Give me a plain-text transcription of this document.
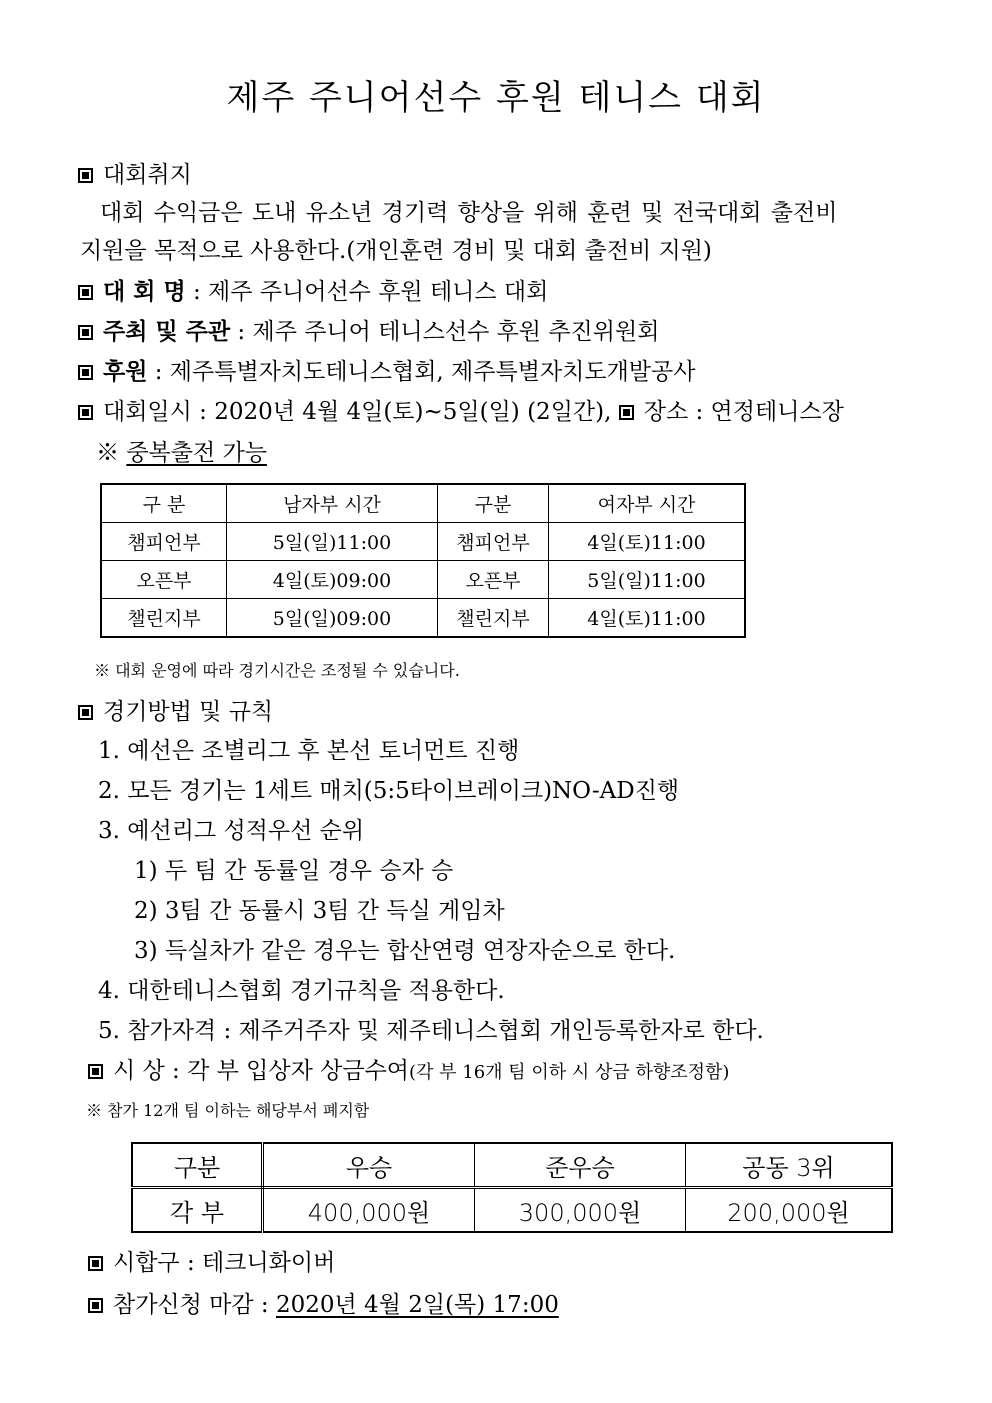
제주 주니어선수 후원 테니스 대회
대회취지
대회 수익금은 도내 유소년 경기력 향상을 위해 훈련 및 전국대회 출전비
지원을 목적으로 사용한다.(개인훈련 경비 및 대회 출전비 지원)
대 회 명 : 제주 주니어선수 후원 테니스 대회
주최 및 주관 : 제주 주니어 테니스선수 후원 추진위원회
후원 : 제주특별자치도테니스협회, 제주특별자치도개발공사
대회일시 : 2020년 4월 4일(토)~5일(일) (2일간), 장소 : 연정테니스장
※ 중복출전 가능
구 분	남자부 시간	구분	여자부 시간
챔피언부	5일(일)11:00	챔피언부	4일(토)11:00
오픈부	4일(토)09:00	오픈부	5일(일)11:00
챌린지부	5일(일)09:00	챌린지부	4일(토)11:00
※ 대회 운영에 따라 경기시간은 조정될 수 있습니다.
경기방법 및 규칙
1. 예선은 조별리그 후 본선 토너먼트 진행
2. 모든 경기는 1세트 매치(5:5타이브레이크)NO-AD진행
3. 예선리그 성적우선 순위
1) 두 팀 간 동률일 경우 승자 승
2) 3팀 간 동률시 3팀 간 득실 게임차
3) 득실차가 같은 경우는 합산연령 연장자순으로 한다.
4. 대한테니스협회 경기규칙을 적용한다.
5. 참가자격 : 제주거주자 및 제주테니스협회 개인등록한자로 한다.
시 상 : 각 부 입상자 상금수여(각 부 16개 팀 이하 시 상금 하향조정함)
※ 참가 12개 팀 이하는 해당부서 폐지함
구분	우승	준우승	공동 3위
각 부	400,000원	300,000원	200,000원
시합구 : 테크니화이버
참가신청 마감 : 2020년 4월 2일(목) 17:00
